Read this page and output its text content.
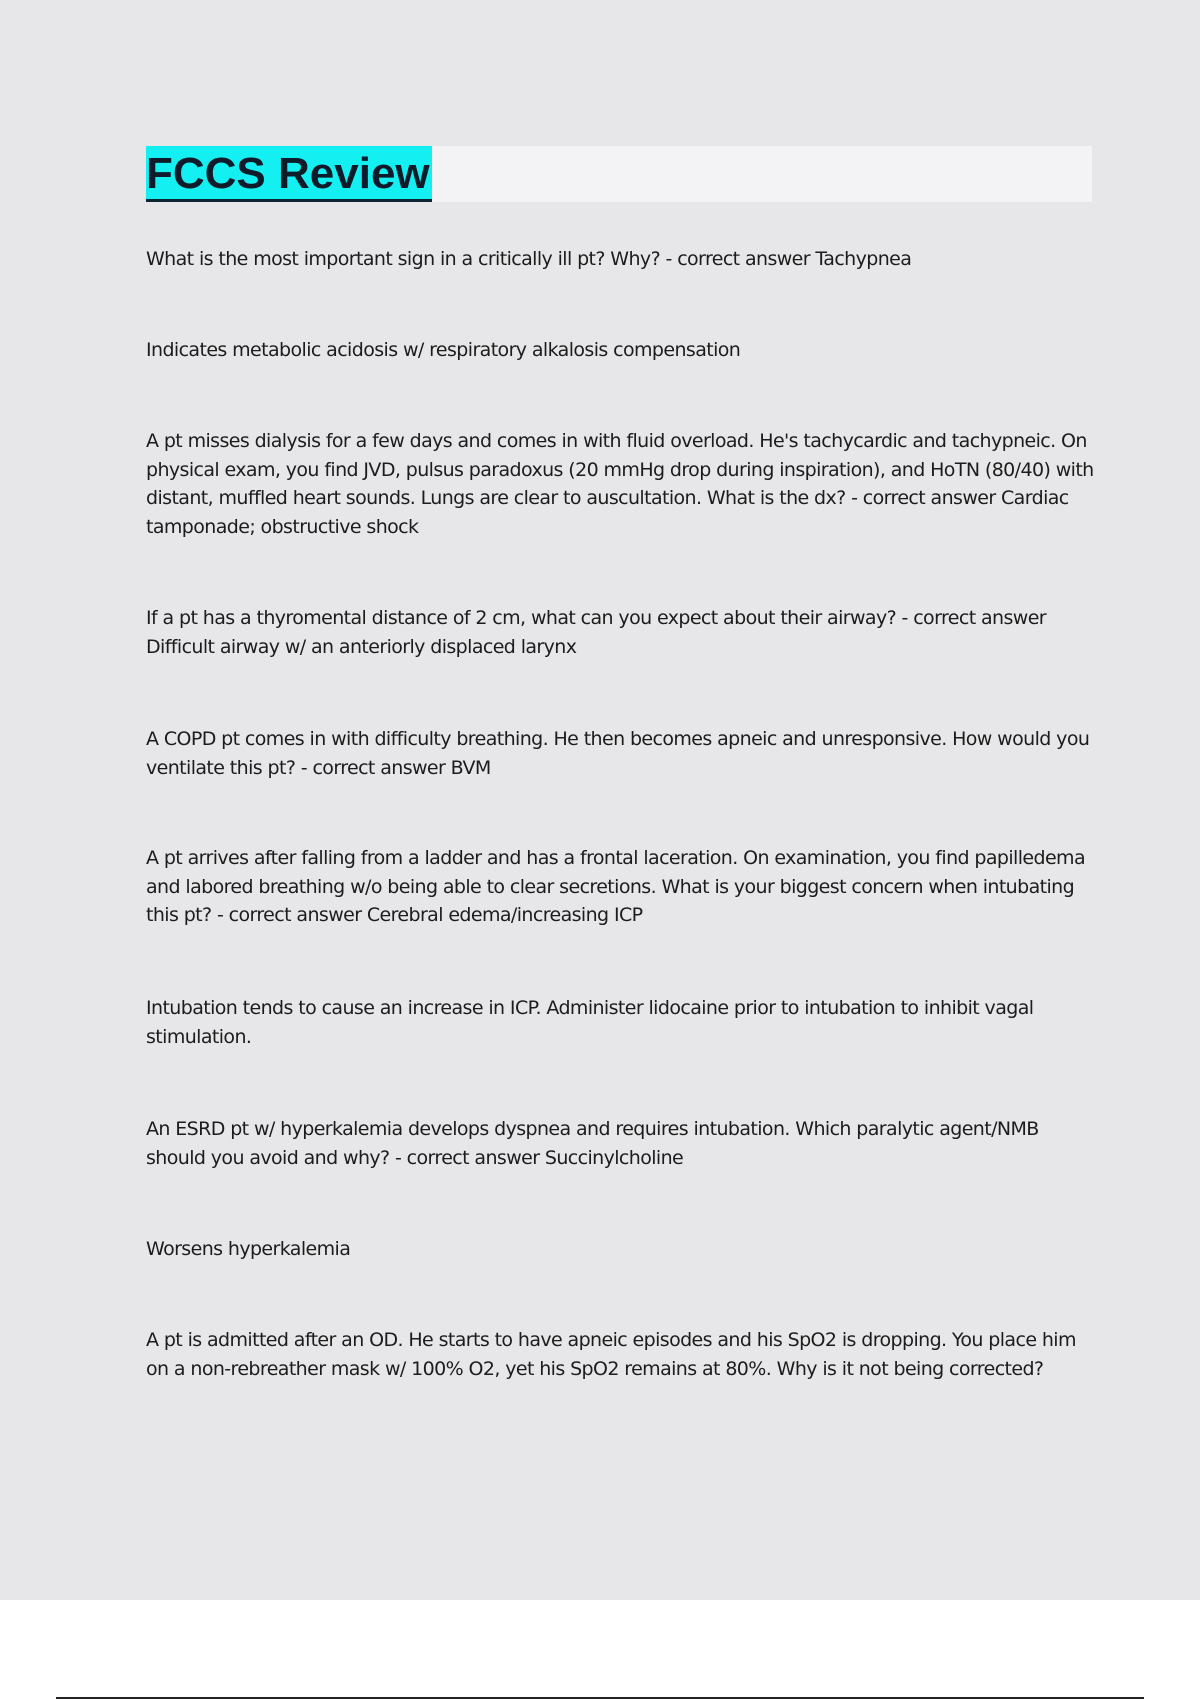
FCCS Review

What is the most important sign in a critically ill pt? Why? - correct answer Tachypnea

Indicates metabolic acidosis w/ respiratory alkalosis compensation

A pt misses dialysis for a few days and comes in with fluid overload. He's tachycardic and tachypneic. On physical exam, you find JVD, pulsus paradoxus (20 mmHg drop during inspiration), and HoTN (80/40) with distant, muffled heart sounds. Lungs are clear to auscultation. What is the dx? - correct answer Cardiac tamponade; obstructive shock

If a pt has a thyromental distance of 2 cm, what can you expect about their airway? - correct answer Difficult airway w/ an anteriorly displaced larynx

A COPD pt comes in with difficulty breathing. He then becomes apneic and unresponsive. How would you ventilate this pt? - correct answer BVM

A pt arrives after falling from a ladder and has a frontal laceration. On examination, you find papilledema and labored breathing w/o being able to clear secretions. What is your biggest concern when intubating this pt? - correct answer Cerebral edema/increasing ICP

Intubation tends to cause an increase in ICP. Administer lidocaine prior to intubation to inhibit vagal stimulation.

An ESRD pt w/ hyperkalemia develops dyspnea and requires intubation. Which paralytic agent/NMB should you avoid and why? - correct answer Succinylcholine

Worsens hyperkalemia

A pt is admitted after an OD. He starts to have apneic episodes and his SpO2 is dropping. You place him on a non-rebreather mask w/ 100% O2, yet his SpO2 remains at 80%. Why is it not being corrected?
